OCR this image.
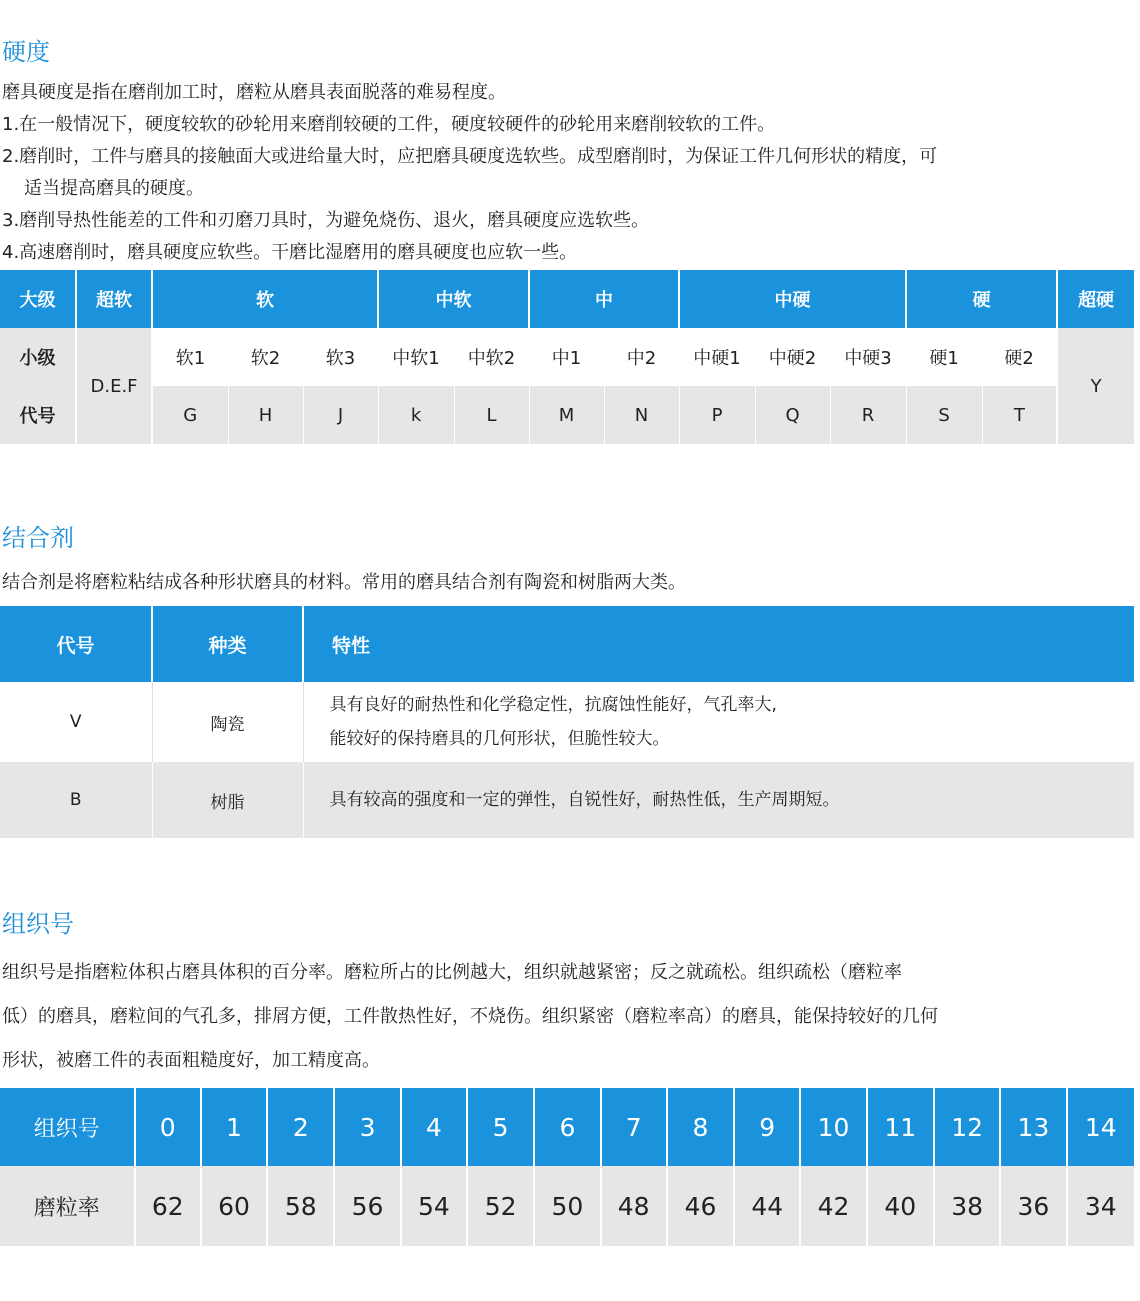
硬度

磨具硬度是指在磨削加工时，磨粒从磨具表面脱落的难易程度。

1.在一般情况下，硬度较软的砂轮用来磨削较硬的工件，硬度较硬件的砂轮用来磨削较软的工件。

2.磨削时，工件与磨具的接触面大或进给量大时，应把磨具硬度选软些。成型磨削时，为保证工件几何形状的精度，可

适当提高磨具的硬度。

3.磨削导热性能差的工件和刃磨刀具时，为避免烧伤、退火，磨具硬度应选软些。

4.高速磨削时，磨具硬度应软些。干磨比湿磨用的磨具硬度也应软一些。

大级	超软	软			中软		中		中硬			硬		超硬
小级	D.E.F	软1	软2	软3	中软1	中软2	中1	中2	中硬1	中硬2	中硬3	硬1	硬2	Y
代号		G	H	J	k	L	M	N	P	Q	R	S	T	
结合剂

结合剂是将磨粒粘结成各种形状磨具的材料。常用的磨具结合剂有陶瓷和树脂两大类。

代号	种类	特性
V	陶瓷	具有良好的耐热性和化学稳定性，抗腐蚀性能好，气孔率大,
能较好的保持磨具的几何形状，但脆性较大。

B	树脂	具有较高的强度和一定的弹性，自锐性好，耐热性低，生产周期短。
组织号

组织号是指磨粒体积占磨具体积的百分率。磨粒所占的比例越大，组织就越紧密；反之就疏松。组织疏松（磨粒率

低）的磨具，磨粒间的气孔多，排屑方便，工件散热性好，不烧伤。组织紧密（磨粒率高）的磨具，能保持较好的几何

形状，被磨工件的表面粗糙度好，加工精度高。

组织号	0	1	2	3	4	5	6	7	8	9	10	11	12	13	14
磨粒率	62	60	58	56	54	52	50	48	46	44	42	40	38	36	34
